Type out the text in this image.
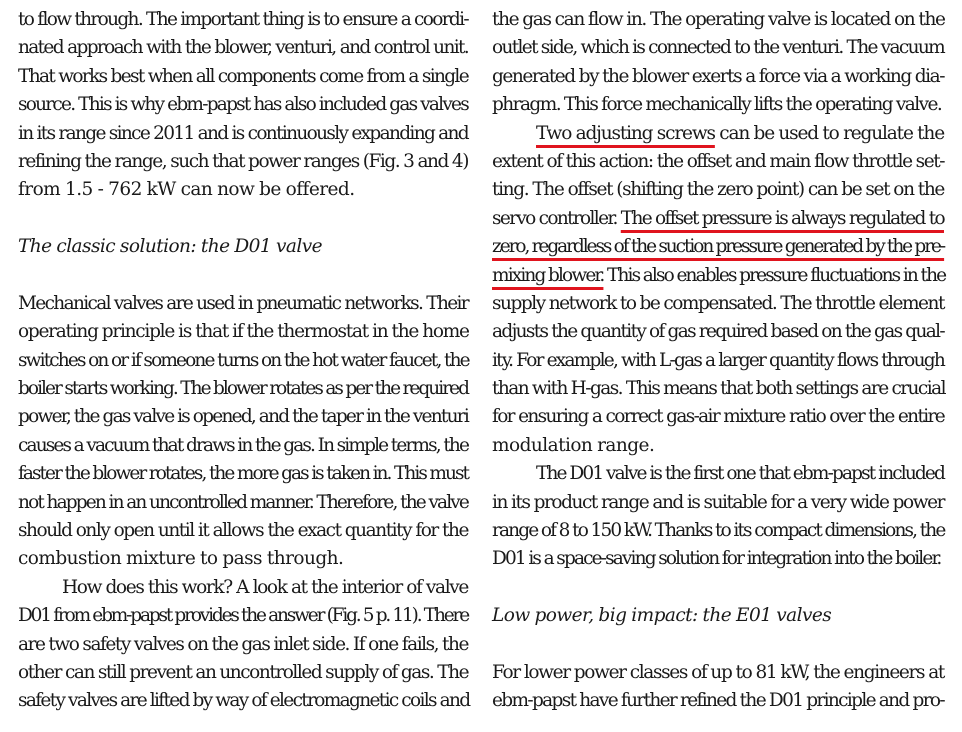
to flow through. The important thing is to ensure a coordi-
nated approach with the blower, venturi, and control unit.
That works best when all components come from a single
source. This is why ebm-papst has also included gas valves
in its range since 2011 and is continuously expanding and
refining the range, such that power ranges (Fig. 3 and 4)
from 1.5 - 762 kW can now be offered.
The classic solution: the D01 valve
Mechanical valves are used in pneumatic networks. Their
operating principle is that if the thermostat in the home
switches on or if someone turns on the hot water faucet, the
boiler starts working. The blower rotates as per the required
power, the gas valve is opened, and the taper in the venturi
causes a vacuum that draws in the gas. In simple terms, the
faster the blower rotates, the more gas is taken in. This must
not happen in an uncontrolled manner. Therefore, the valve
should only open until it allows the exact quantity for the
combustion mixture to pass through.
How does this work? A look at the interior of valve
D01 from ebm-papst provides the answer (Fig. 5 p. 11). There
are two safety valves on the gas inlet side. If one fails, the
other can still prevent an uncontrolled supply of gas. The
safety valves are lifted by way of electromagnetic coils and
the gas can flow in. The operating valve is located on the
outlet side, which is connected to the venturi. The vacuum
generated by the blower exerts a force via a working dia-
phragm. This force mechanically lifts the operating valve.
Two adjusting screws can be used to regulate the
extent of this action: the offset and main flow throttle set-
ting. The offset (shifting the zero point) can be set on the
servo controller. The offset pressure is always regulated to
zero, regardless of the suction pressure generated by the pre-
mixing blower. This also enables pressure fluctuations in the
supply network to be compensated. The throttle element
adjusts the quantity of gas required based on the gas qual-
ity. For example, with L-gas a larger quantity flows through
than with H-gas. This means that both settings are crucial
for ensuring a correct gas-air mixture ratio over the entire
modulation range.
The D01 valve is the first one that ebm-papst included
in its product range and is suitable for a very wide power
range of 8 to 150 kW. Thanks to its compact dimensions, the
D01 is a space-saving solution for integration into the boiler.
Low power, big impact: the E01 valves
For lower power classes of up to 81 kW, the engineers at
ebm-papst have further refined the D01 principle and pro-
